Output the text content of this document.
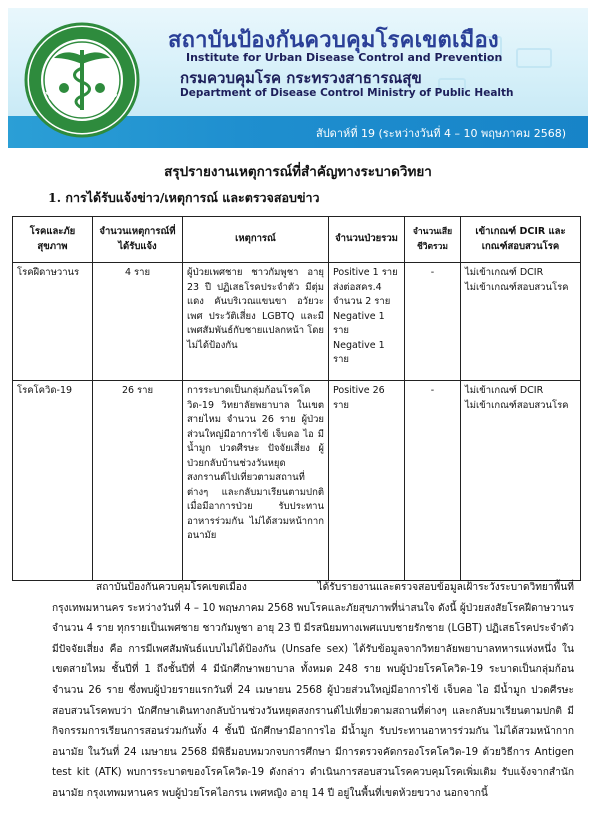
สถาบันป้องกันควบคุมโรคเขตเมือง
Institute for Urban Disease Control and Prevention
กรมควบคุมโรค กระทรวงสาธารณสุข
Department of Disease Control Ministry of Public Health
สัปดาห์ที่ 19 (ระหว่างวันที่ 4 – 10 พฤษภาคม 2568)
สรุปรายงานเหตุการณ์ที่สำคัญทางระบาดวิทยา
1. การได้รับแจ้งข่าว/เหตุการณ์ และตรวจสอบข่าว
โรคและภัยสุขภาพ	จำนวนเหตุการณ์ที่ได้รับแจ้ง	เหตุการณ์	จำนวนป่วยรวม	จำนวนเสียชีวิตรวม	เข้าเกณฑ์ DCIR และเกณฑ์สอบสวนโรค
โรคฝีดาษวานร	4 ราย	ผู้ป่วยเพศชาย ชาวกัมพูชา อายุ 23 ปี ปฏิเสธโรคประจำตัว มีตุ่มแดง คันบริเวณแขนขา อวัยวะเพศ ประวัติเสี่ยง LGBTQ และมีเพศสัมพันธ์กับชายแปลกหน้า โดยไม่ได้ป้องกัน	Positive 1 ราย
ส่งต่อสคร.4
จำนวน 2 ราย
Negative 1 ราย
Negative 1 ราย	-	ไม่เข้าเกณฑ์ DCIR
ไม่เข้าเกณฑ์สอบสวนโรค

โรคโควิด-19	26 ราย	การระบาดเป็นกลุ่มก้อนโรคโควิด-19 วิทยาลัยพยาบาล ในเขตสายไหม จำนวน 26 ราย ผู้ป่วยส่วนใหญ่มีอาการไข้ เจ็บคอ ไอ มีน้ำมูก ปวดศีรษะ ปัจจัยเสี่ยง ผู้ป่วยกลับบ้านช่วงวันหยุดสงกรานต์ไปเที่ยวตามสถานที่ต่างๆ และกลับมาเรียนตามปกติ เมื่อมีอาการป่วย รับประทานอาหารร่วมกัน ไม่ได้สวมหน้ากากอนามัย	Positive 26 ราย	-	ไม่เข้าเกณฑ์ DCIR
ไม่เข้าเกณฑ์สอบสวนโรค

สถาบันป้องกันควบคุมโรคเขตเมือง ได้รับรายงานและตรวจสอบข้อมูลเฝ้าระวังระบาดวิทยาพื้นที่กรุงเทพมหานคร ระหว่างวันที่ 4 – 10 พฤษภาคม 2568 พบโรคและภัยสุขภาพที่น่าสนใจ ดังนี้ ผู้ป่วยสงสัยโรคฝีดาษวานร จำนวน 4 ราย ทุกรายเป็นเพศชาย ชาวกัมพูชา อายุ 23 ปี มีรสนิยมทางเพศแบบชายรักชาย (LGBT) ปฏิเสธโรคประจำตัว มีปัจจัยเสี่ยง คือ การมีเพศสัมพันธ์แบบไม่ได้ป้องกัน (Unsafe sex) ได้รับข้อมูลจากวิทยาลัยพยาบาลทหารแห่งหนึ่ง ในเขตสายไหม ชั้นปีที่ 1 ถึงชั้นปีที่ 4 มีนักศึกษาพยาบาล ทั้งหมด 248 ราย พบผู้ป่วยโรคโควิด-19 ระบาดเป็นกลุ่มก้อน จำนวน 26 ราย ซึ่งพบผู้ป่วยรายแรกวันที่ 24 เมษายน 2568 ผู้ป่วยส่วนใหญ่มีอาการไข้ เจ็บคอ ไอ มีน้ำมูก ปวดศีรษะ สอบสวนโรคพบว่า นักศึกษาเดินทางกลับบ้านช่วงวันหยุดสงกรานต์ไปเที่ยวตามสถานที่ต่างๆ และกลับมาเรียนตามปกติ มีกิจกรรมการเรียนการสอนร่วมกันทั้ง 4 ชั้นปี นักศึกษามีอาการไอ มีน้ำมูก รับประทานอาหารร่วมกัน ไม่ได้สวมหน้ากากอนามัย ในวันที่ 24 เมษายน 2568 มีพิธีมอบหมวกจบการศึกษา มีการตรวจคัดกรองโรคโควิด-19 ด้วยวิธีการ Antigen test kit (ATK) พบการระบาดของโรคโควิด-19 ดังกล่าว ดำเนินการสอบสวนโรคควบคุมโรคเพิ่มเติม รับแจ้งจากสำนักอนามัย กรุงเทพมหานคร พบผู้ป่วยโรคไอกรน เพศหญิง อายุ 14 ปี อยู่ในพื้นที่เขตห้วยขวาง นอกจากนี้
